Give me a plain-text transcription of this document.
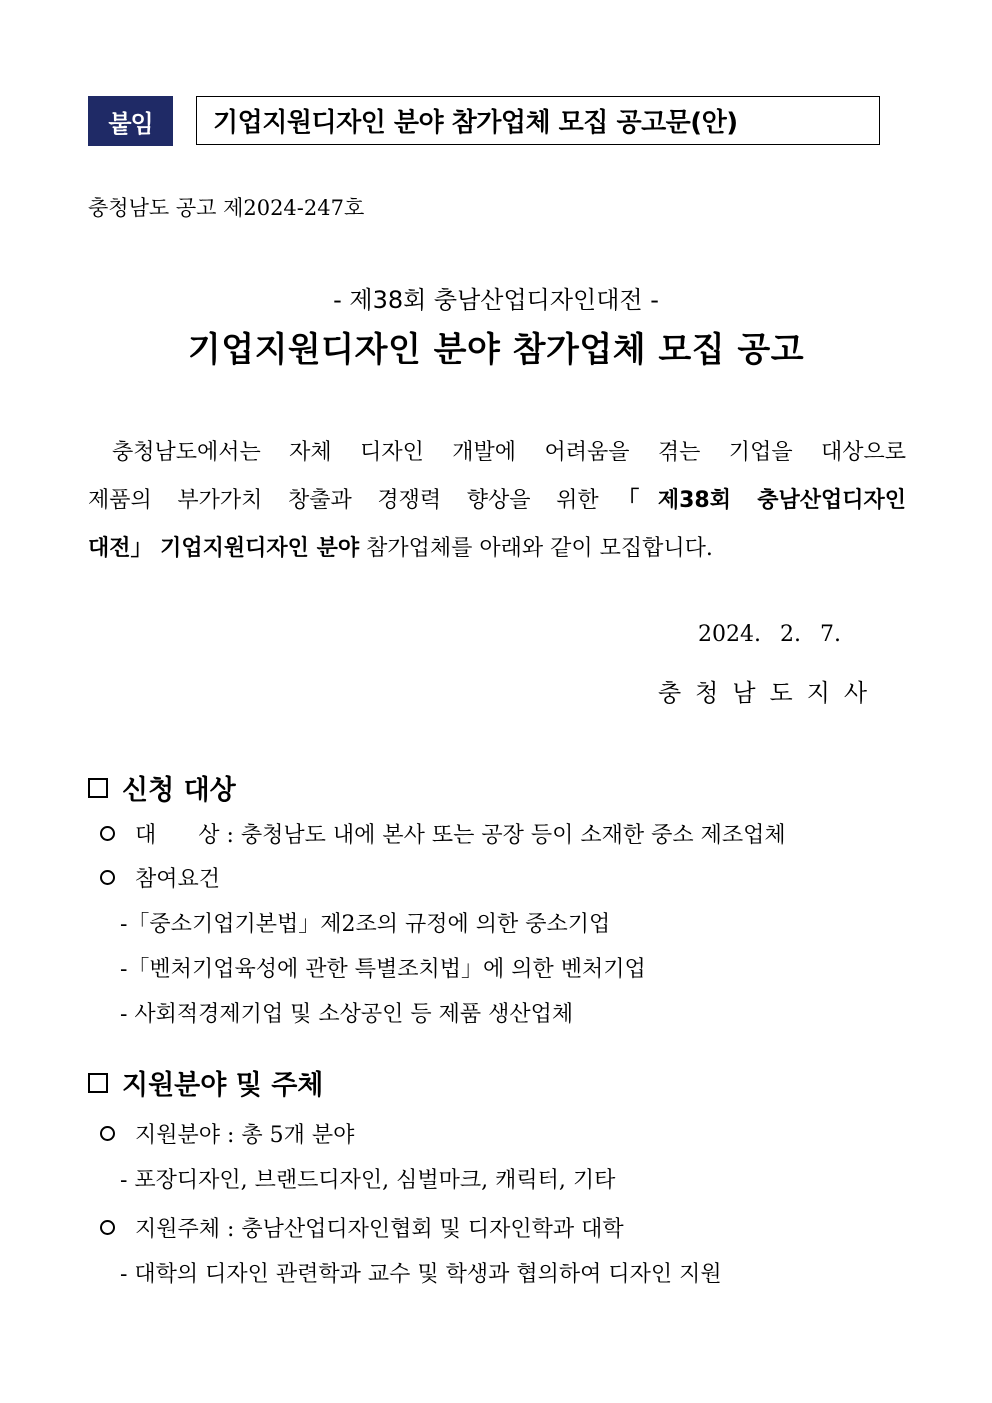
붙임	기업지원디자인 분야 참가업체 모집 공고문(안)
충청남도 공고 제2024-247호
- 제38회 충남산업디자인대전 -
기업지원디자인 분야 참가업체 모집 공고
충청남도에서는 자체 디자인 개발에 어려움을 겪는 기업을 대상으로
제품의 부가가치 창출과 경쟁력 향상을 위한「제38회 충남산업디자인
대전」 기업지원디자인 분야 참가업체를 아래와 같이 모집합니다.
2024. 2. 7.
충청남도지사
신청 대상
대      상 : 충청남도 내에 본사 또는 공장 등이 소재한 중소 제조업체
참여요건
-「중소기업기본법」제2조의 규정에 의한 중소기업
-「벤처기업육성에 관한 특별조치법」에 의한 벤처기업
- 사회적경제기업 및 소상공인 등 제품 생산업체
지원분야 및 주체
지원분야 : 총 5개 분야
- 포장디자인, 브랜드디자인, 심벌마크, 캐릭터, 기타
지원주체 : 충남산업디자인협회 및 디자인학과 대학
- 대학의 디자인 관련학과 교수 및 학생과 협의하여 디자인 지원
